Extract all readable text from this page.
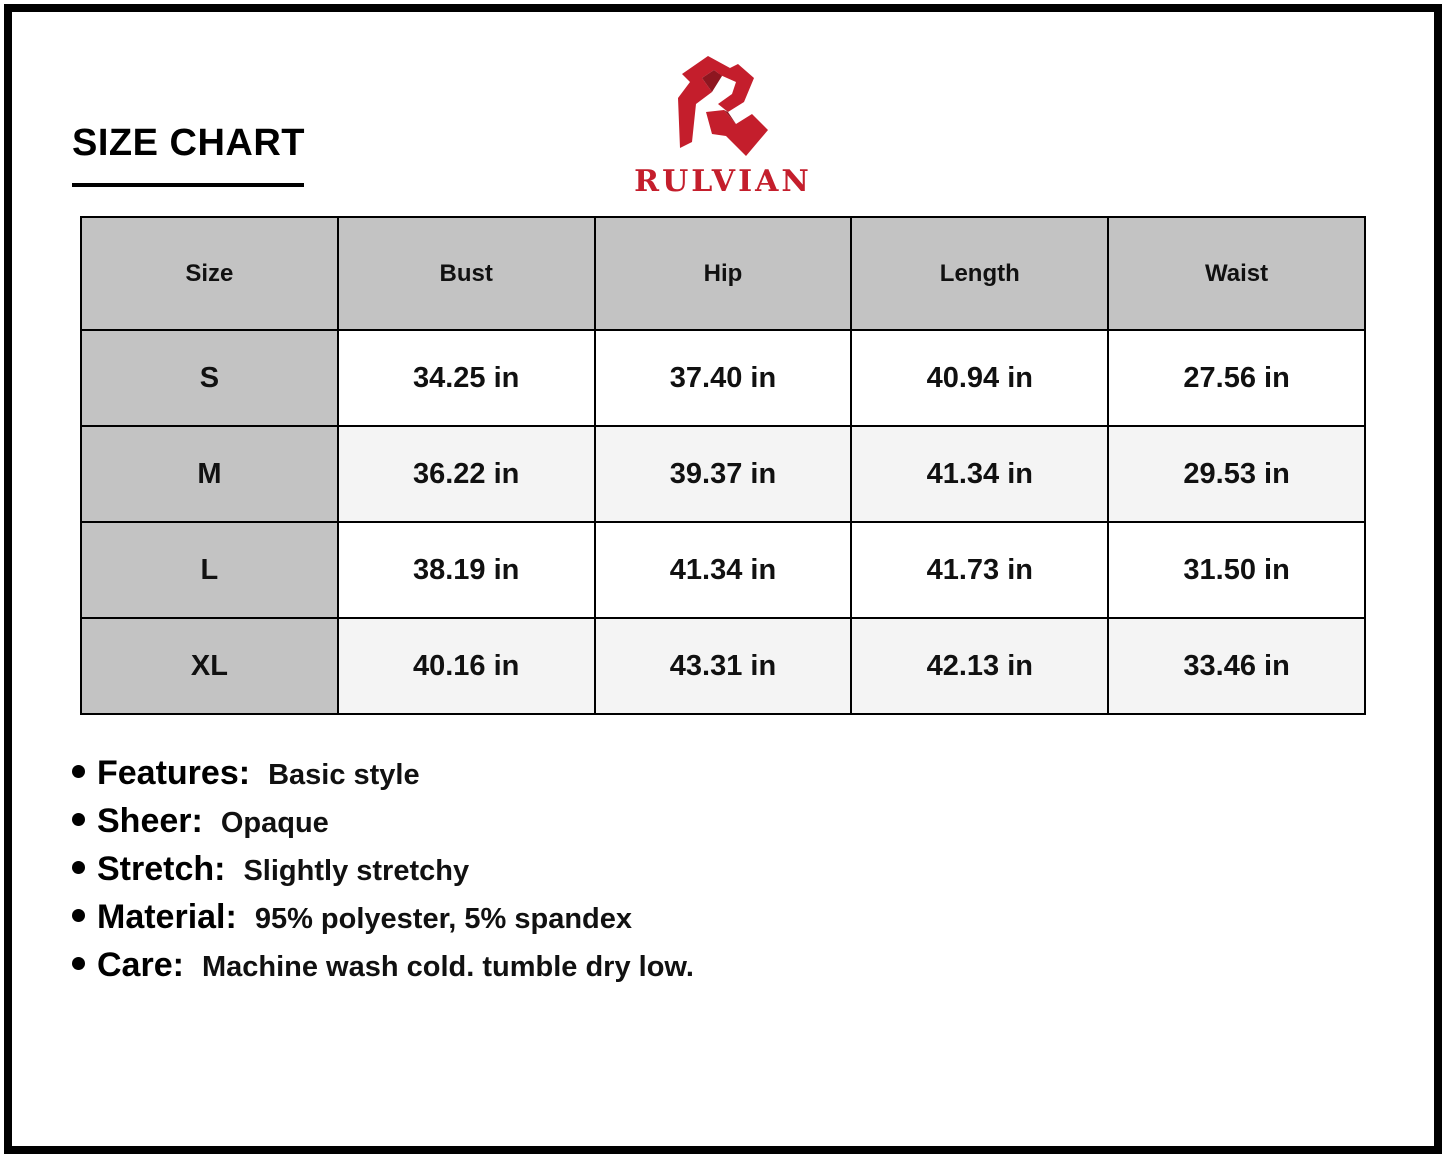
SIZE CHART
RULVIAN
Size	Bust	Hip	Length	Waist
S	34.25 in	37.40 in	40.94 in	27.56 in
M	36.22 in	39.37 in	41.34 in	29.53 in
L	38.19 in	41.34 in	41.73 in	31.50 in
XL	40.16 in	43.31 in	42.13 in	33.46 in
Features: Basic style
Sheer: Opaque
Stretch: Slightly stretchy
Material: 95% polyester, 5% spandex
Care: Machine wash cold. tumble dry low.
